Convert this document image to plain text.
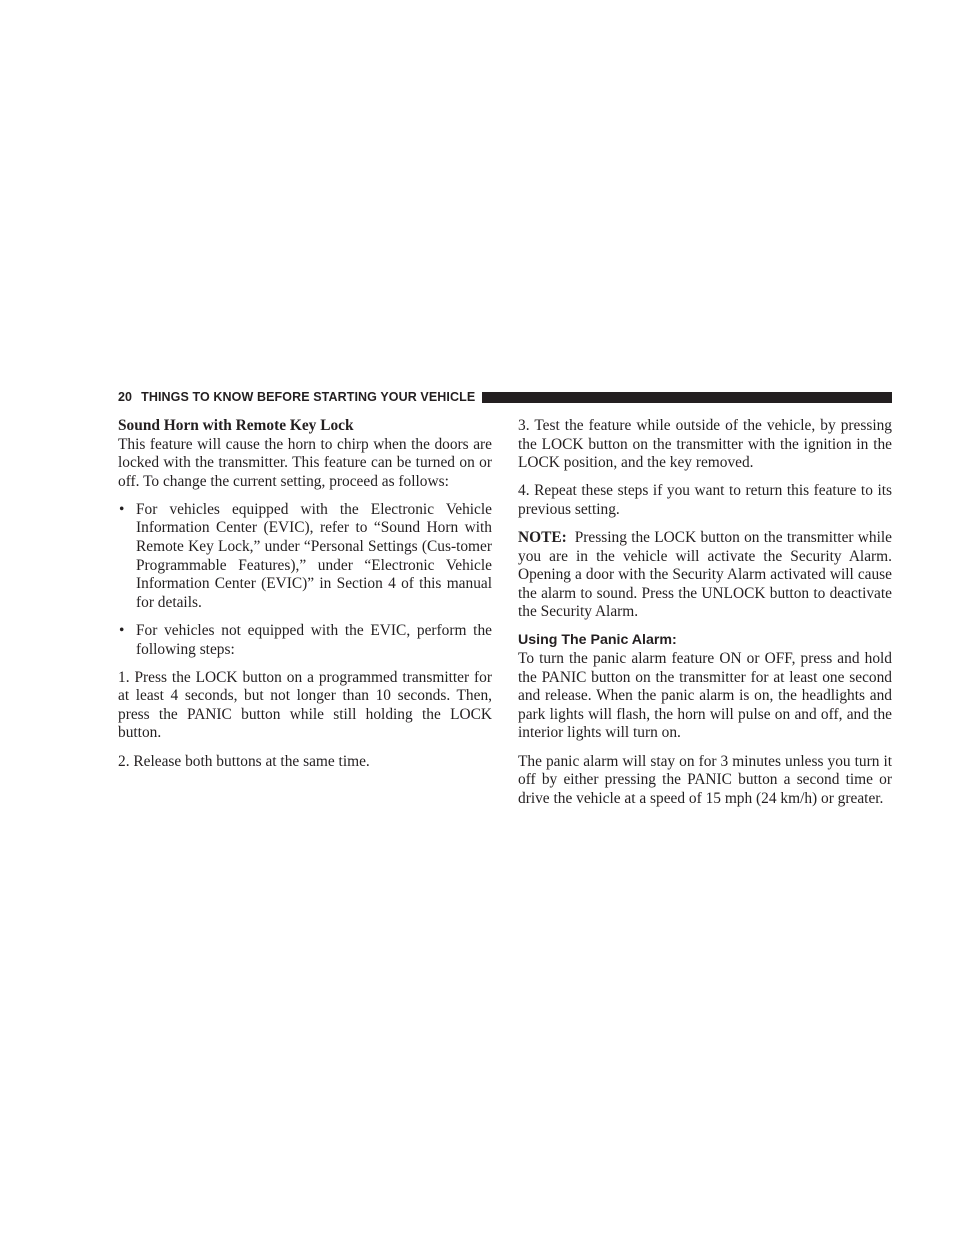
20 THINGS TO KNOW BEFORE STARTING YOUR VEHICLE
Sound Horn with Remote Key Lock

This feature will cause the horn to chirp when the doors are locked with the transmitter. This feature can be turned on or off. To change the current setting, proceed as follows:

• For vehicles equipped with the Electronic Vehicle Information Center (EVIC), refer to “Sound Horn with Remote Key Lock,” under “Personal Settings (Cus-tomer Programmable Features),” under “Electronic Vehicle Information Center (EVIC)” in Section 4 of this manual for details.
• For vehicles not equipped with the EVIC, perform the following steps:

1. Press the LOCK button on a programmed transmitter for at least 4 seconds, but not longer than 10 seconds. Then, press the PANIC button while still holding the LOCK button.

2. Release both buttons at the same time.

3. Test the feature while outside of the vehicle, by pressing the LOCK button on the transmitter with the ignition in the LOCK position, and the key removed.

4. Repeat these steps if you want to return this feature to its previous setting.

NOTE: Pressing the LOCK button on the transmitter while you are in the vehicle will activate the Security Alarm. Opening a door with the Security Alarm activated will cause the alarm to sound. Press the UNLOCK button to deactivate the Security Alarm.

Using The Panic Alarm:

To turn the panic alarm feature ON or OFF, press and hold the PANIC button on the transmitter for at least one second and release. When the panic alarm is on, the headlights and park lights will flash, the horn will pulse on and off, and the interior lights will turn on.

The panic alarm will stay on for 3 minutes unless you turn it off by either pressing the PANIC button a second time or drive the vehicle at a speed of 15 mph (24 km/h) or greater.
